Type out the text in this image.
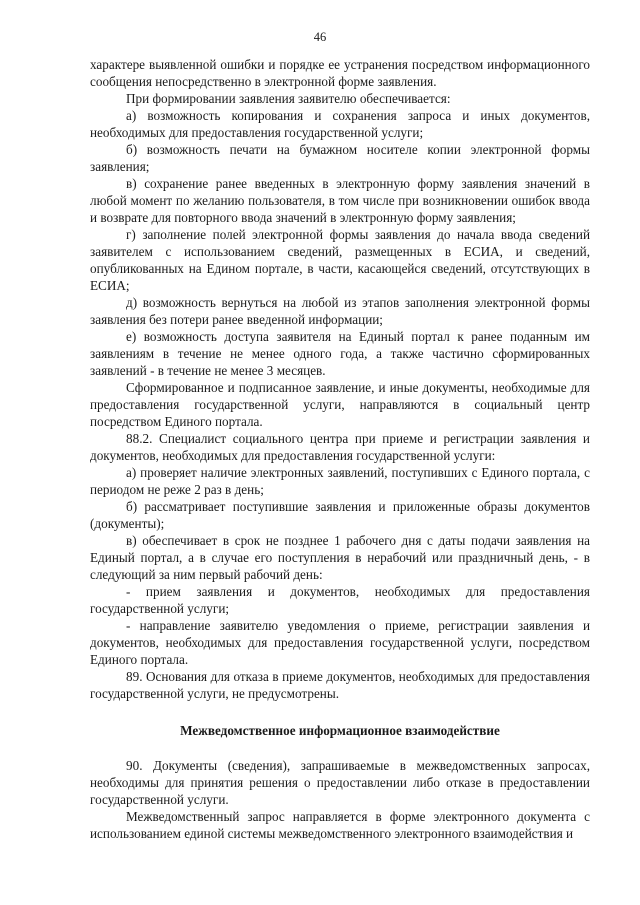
46

характере выявленной ошибки и порядке ее устранения посредством информационного сообщения непосредственно в электронной форме заявления.

При формировании заявления заявителю обеспечивается:

а) возможность копирования и сохранения запроса и иных документов, необходимых для предоставления государственной услуги;

б) возможность печати на бумажном носителе копии электронной формы заявления;

в) сохранение ранее введенных в электронную форму заявления значений в любой момент по желанию пользователя, в том числе при возникновении ошибок ввода и возврате для повторного ввода значений в электронную форму заявления;

г) заполнение полей электронной формы заявления до начала ввода сведений заявителем с использованием сведений, размещенных в ЕСИА, и сведений, опубликованных на Едином портале, в части, касающейся сведений, отсутствующих в ЕСИА;

д) возможность вернуться на любой из этапов заполнения электронной формы заявления без потери ранее введенной информации;

е) возможность доступа заявителя на Единый портал к ранее поданным им заявлениям в течение не менее одного года, а также частично сформированных заявлений - в течение не менее 3 месяцев.

Сформированное и подписанное заявление, и иные документы, необходимые для предоставления государственной услуги, направляются в социальный центр посредством Единого портала.

88.2. Специалист социального центра при приеме и регистрации заявления и документов, необходимых для предоставления государственной услуги:

а) проверяет наличие электронных заявлений, поступивших с Единого портала, с периодом не реже 2 раз в день;

б) рассматривает поступившие заявления и приложенные образы документов (документы);

в) обеспечивает в срок не позднее 1 рабочего дня с даты подачи заявления на Единый портал, а в случае его поступления в нерабочий или праздничный день, - в следующий за ним первый рабочий день:

- прием заявления и документов, необходимых для предоставления государственной услуги;

- направление заявителю уведомления о приеме, регистрации заявления и документов, необходимых для предоставления государственной услуги, посредством Единого портала.

89. Основания для отказа в приеме документов, необходимых для предоставления государственной услуги, не предусмотрены.

Межведомственное информационное взаимодействие

90. Документы (сведения), запрашиваемые в межведомственных запросах, необходимы для принятия решения о предоставлении либо отказе в предоставлении государственной услуги.

Межведомственный запрос направляется в форме электронного документа с использованием единой системы межведомственного электронного взаимодействия и
